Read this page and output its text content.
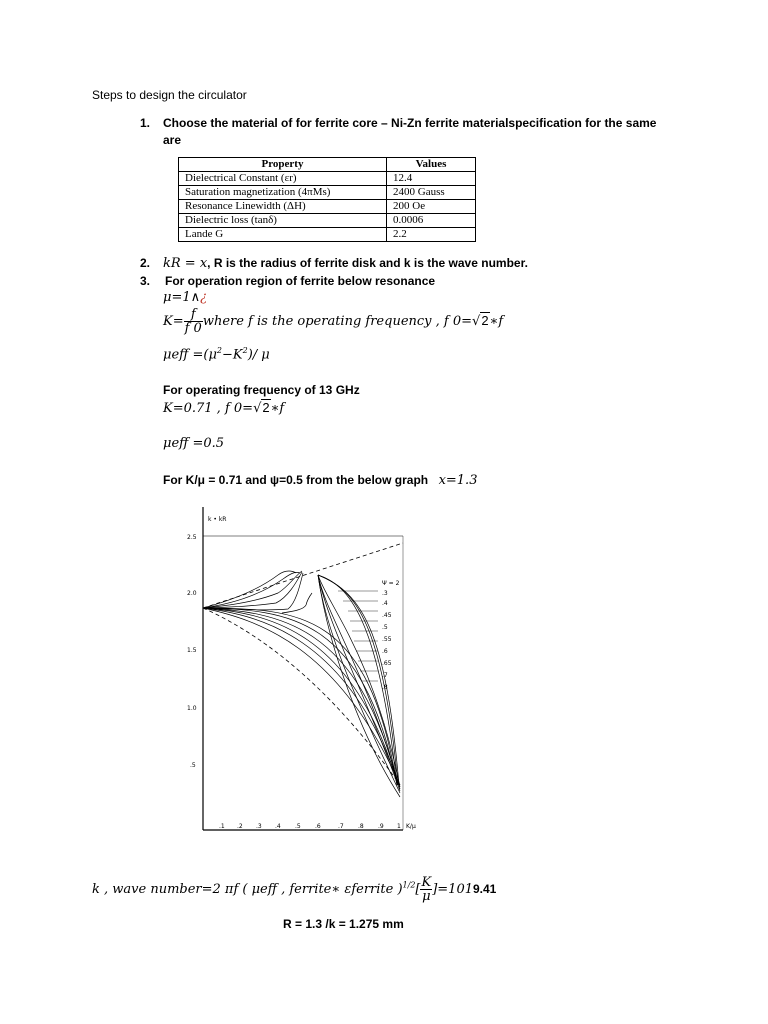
Steps to design the circulator
1. Choose the material of for ferrite core – Ni-Zn ferrite materialspecification for the same
are
Property	Values
Dielectrical Constant (εr)	12.4
Saturation magnetization (4πMs)	2400 Gauss
Resonance Linewidth (ΔH)	200 Oe
Dielectric loss (tanδ)	0.0006
Lande G	2.2
2. kR = x, R is the radius of ferrite disk and k is the wave number.
3. For operation region of ferrite below resonance
μ=1∧¿
$K= \frac{f}{f 0}$ where f is the operating frequency , f 0=√2∗f
$\mu eff =(\mu^2-K^2)/$ μ
For operating frequency of 13 GHz
K=0.71 , f 0=√2∗f
μeff =0.5
For K/μ = 0.71 and ψ=0.5 from the below graph x=1.3
k • kR
2.5
2.0
1.5
1.0
.5
.1 .2 .3 .4 .5 .6	.7 .8 .9 1 K/μ
Ψ = 2
.3
.4
.45
.5
.55
.6
.65
.7
.8
k , wave number=2 πf ( μeff , ferrite∗ εferrite )$^{1/2}[ \frac{K}{\mu} ]=1019.41$
R = 1.3 /k = 1.275 mm
